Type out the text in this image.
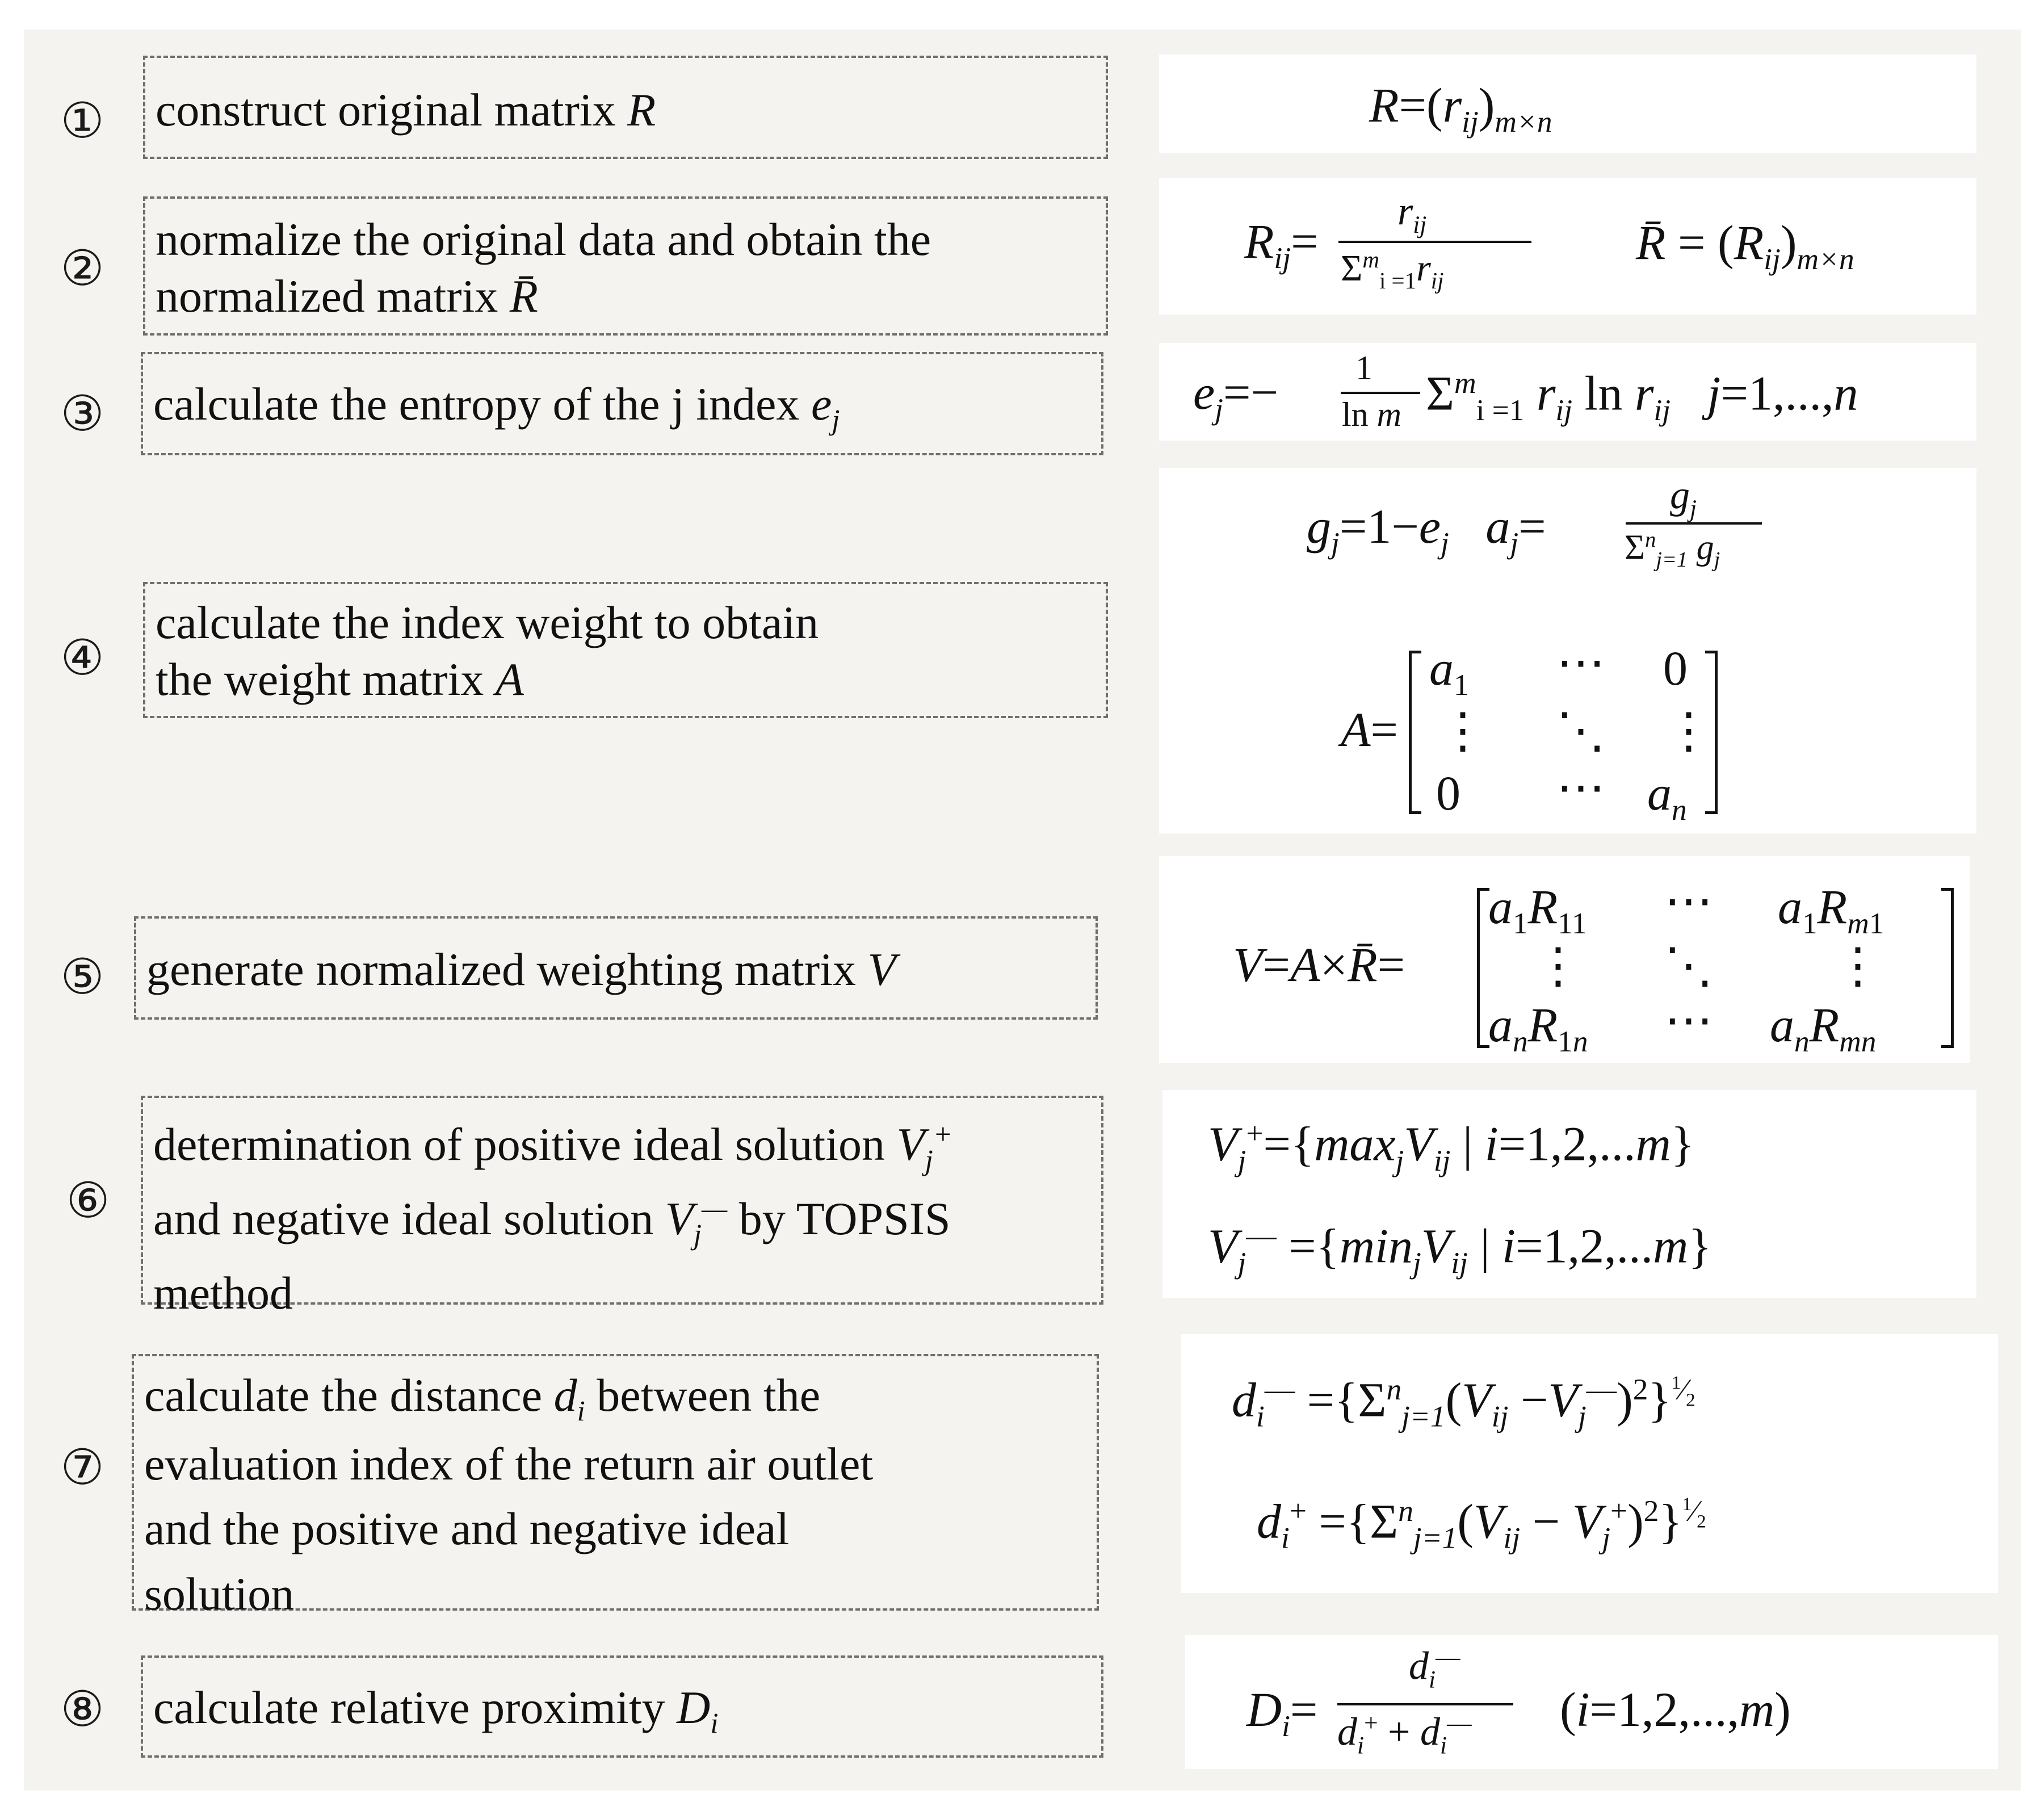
①	construct original matrix R
②
normalize the original data and obtain the
normalized matrix R̄
③	calculate the entropy of the j index $e_j$
④
calculate the index weight to obtain
the weight matrix A
⑤ generate normalized weighting matrix V
⑥
determination of positive ideal solution $V_j^+$
and negative ideal solution $V_j^—$ by TOPSIS
method
⑦
calculate the distance $d_i$ between the
evaluation index of the return air outlet
and the positive and negative ideal
solution
⑧	calculate relative proximity $D_i$
$R=(r_{ij})_{m\times n}$
$R_{ij}=$
$r_{ij}$
$\Sigma^m_{i =1}r_{ij}$
R̄ = $(R_{ij})_{m\times n}$
$e_j=- 1$
ln m $\Sigma^m_{i =1}$ $r_{ij}$ $\ln r_{ij}$ j=1,...,n
$g_j=1-e_j$ $a_j=$
$g_j$
$\Sigma^n_{j=1}$ $g_j$
A=
$a_1$ ⋯ 0
⋮ ⋱ ⋮
0 ⋯ $a_n$
V=A×R̄=
$a_1R_{11}$ ⋯ $a_1R_{m1}$
⋮ ⋱ ⋮
$a_nR_{1n}$ ⋯ $a_nR_{mn}$
$V_j^+=\{\max_jV_{ij}$ | i=1,2,...m}
$V_j^— =\{\min_jV_{ij}$ | i=1,2,...m}
$d_i^— =\{\Sigma^n_{j=1}(V_{ij} -V_j^—)^2\}^{^1⁄_2}$
$d_i^+ =\{\Sigma^n_{j=1}(V_{ij} - V_j^+)^2\}^{^1⁄_2}$
$D_i=$
$d_i^—$
$d_i^+ + d_i^—$ (i=1,2,...,m)
